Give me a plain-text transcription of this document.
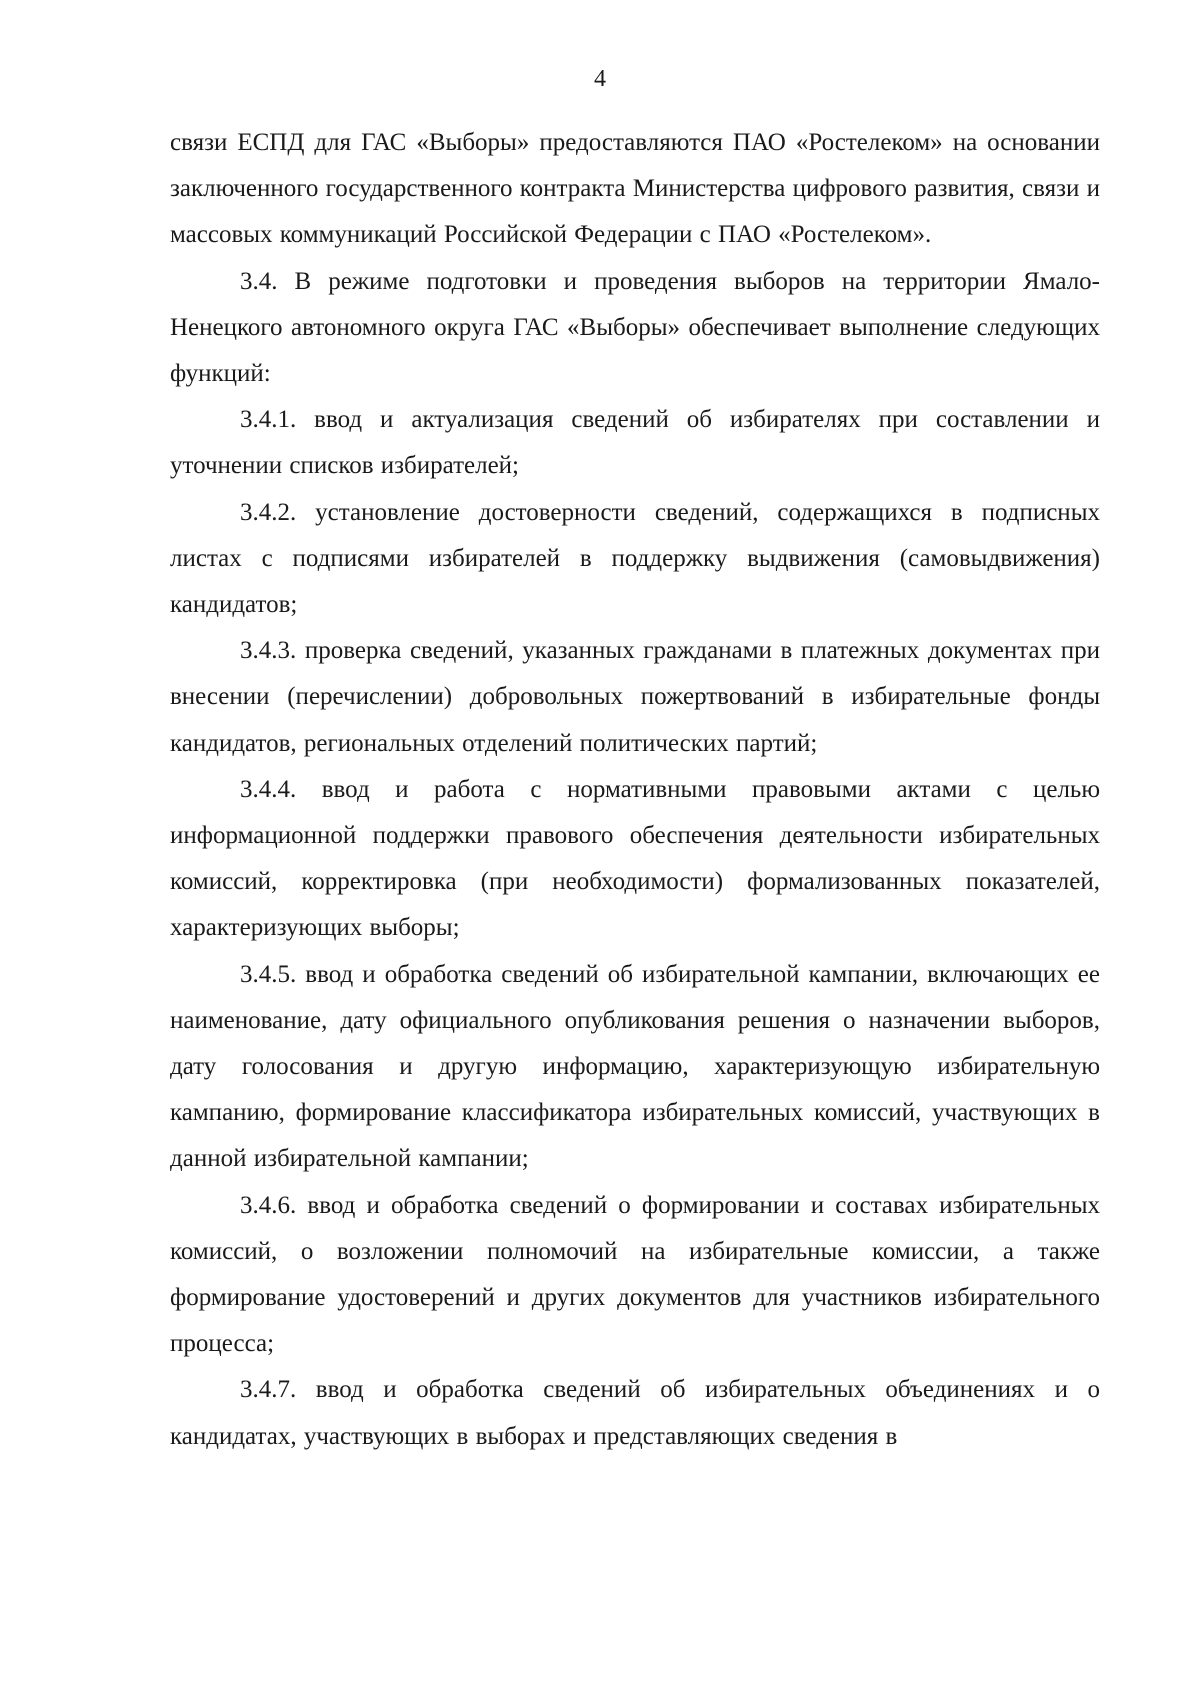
4

связи ЕСПД для ГАС «Выборы» предоставляются ПАО «Ростелеком» на основании заключенного государственного контракта Министерства цифрового развития, связи и массовых коммуникаций Российской Федерации с ПАО «Ростелеком».

3.4. В режиме подготовки и проведения выборов на территории Ямало-Ненецкого автономного округа ГАС «Выборы» обеспечивает выполнение следующих функций:

3.4.1. ввод и актуализация сведений об избирателях при составлении и уточнении списков избирателей;

3.4.2. установление достоверности сведений, содержащихся в подписных листах с подписями избирателей в поддержку выдвижения (самовыдвижения) кандидатов;

3.4.3. проверка сведений, указанных гражданами в платежных документах при внесении (перечислении) добровольных пожертвований в избирательные фонды кандидатов, региональных отделений политических партий;

3.4.4. ввод и работа с нормативными правовыми актами с целью информационной поддержки правового обеспечения деятельности избирательных комиссий, корректировка (при необходимости) формализованных показателей, характеризующих выборы;

3.4.5. ввод и обработка сведений об избирательной кампании, включающих ее наименование, дату официального опубликования решения о назначении выборов, дату голосования и другую информацию, характеризующую избирательную кампанию, формирование классификатора избирательных комиссий, участвующих в данной избирательной кампании;

3.4.6. ввод и обработка сведений о формировании и составах избирательных комиссий, о возложении полномочий на избирательные комиссии, а также формирование удостоверений и других документов для участников избирательного процесса;

3.4.7. ввод и обработка сведений об избирательных объединениях и о кандидатах, участвующих в выборах и представляющих сведения в
